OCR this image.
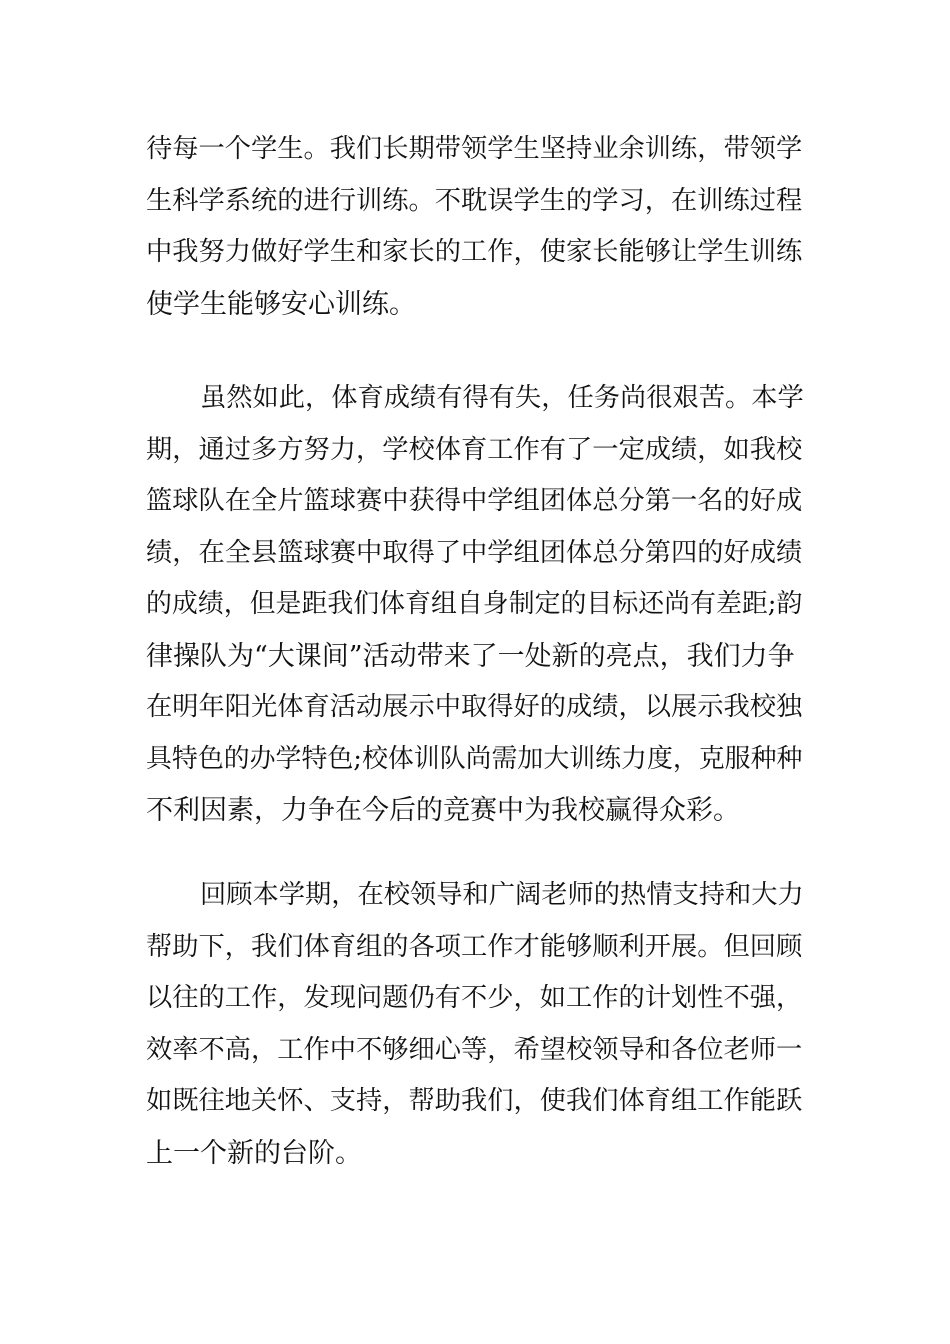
待每一个学生。我们长期带领学生坚持业余训练，带领学
生科学系统的进行训练。不耽误学生的学习，在训练过程
中我努力做好学生和家长的工作，使家长能够让学生训练
使学生能够安心训练。
虽然如此，体育成绩有得有失，任务尚很艰苦。本学
期，通过多方努力，学校体育工作有了一定成绩，如我校
篮球队在全片篮球赛中获得中学组团体总分第一名的好成
绩，在全县篮球赛中取得了中学组团体总分第四的好成绩
的成绩，但是距我们体育组自身制定的目标还尚有差距;韵
律操队为“大课间”活动带来了一处新的亮点，我们力争
在明年阳光体育活动展示中取得好的成绩，以展示我校独
具特色的办学特色;校体训队尚需加大训练力度，克服种种
不利因素，力争在今后的竞赛中为我校赢得众彩。
回顾本学期，在校领导和广阔老师的热情支持和大力
帮助下，我们体育组的各项工作才能够顺利开展。但回顾
以往的工作，发现问题仍有不少，如工作的计划性不强，
效率不高，工作中不够细心等，希望校领导和各位老师一
如既往地关怀、支持，帮助我们，使我们体育组工作能跃
上一个新的台阶。
